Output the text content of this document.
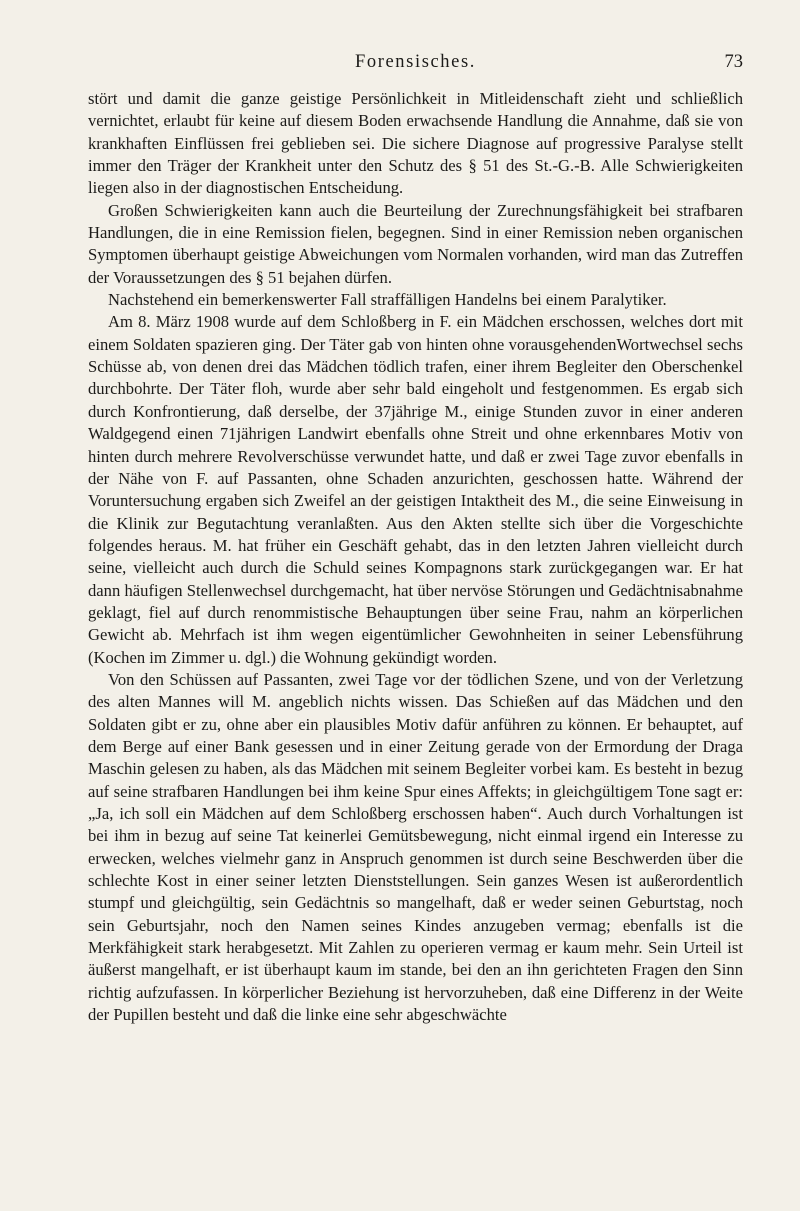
Forensisches.	73

stört und damit die ganze geistige Persönlichkeit in Mitleidenschaft zieht und schließlich vernichtet, erlaubt für keine auf diesem Boden erwachsende Handlung die Annahme, daß sie von krankhaften Einflüssen frei geblieben sei. Die sichere Diagnose auf progressive Paralyse stellt immer den Träger der Krankheit unter den Schutz des § 51 des St.-G.-B. Alle Schwierigkeiten liegen also in der diagnostischen Entscheidung.

Großen Schwierigkeiten kann auch die Beurteilung der Zurechnungsfähigkeit bei strafbaren Handlungen, die in eine Remission fielen, begegnen. Sind in einer Remission neben organischen Symptomen überhaupt geistige Abweichungen vom Normalen vorhanden, wird man das Zutreffen der Voraussetzungen des § 51 bejahen dürfen.

Nachstehend ein bemerkenswerter Fall straffälligen Handelns bei einem Paralytiker.

Am 8. März 1908 wurde auf dem Schloßberg in F. ein Mädchen erschossen, welches dort mit einem Soldaten spazieren ging. Der Täter gab von hinten ohne vorausgehendenWortwechsel sechs Schüsse ab, von denen drei das Mädchen tödlich trafen, einer ihrem Begleiter den Oberschenkel durchbohrte. Der Täter floh, wurde aber sehr bald eingeholt und festgenommen. Es ergab sich durch Konfrontierung, daß derselbe, der 37jährige M., einige Stunden zuvor in einer anderen Waldgegend einen 71jährigen Landwirt ebenfalls ohne Streit und ohne erkennbares Motiv von hinten durch mehrere Revolverschüsse verwundet hatte, und daß er zwei Tage zuvor ebenfalls in der Nähe von F. auf Passanten, ohne Schaden anzurichten, geschossen hatte. Während der Voruntersuchung ergaben sich Zweifel an der geistigen Intaktheit des M., die seine Einweisung in die Klinik zur Begutachtung veranlaßten. Aus den Akten stellte sich über die Vorgeschichte folgendes heraus. M. hat früher ein Geschäft gehabt, das in den letzten Jahren vielleicht durch seine, vielleicht auch durch die Schuld seines Kompagnons stark zurückgegangen war. Er hat dann häufigen Stellenwechsel durchgemacht, hat über nervöse Störungen und Gedächtnisabnahme geklagt, fiel auf durch renommistische Behauptungen über seine Frau, nahm an körperlichen Gewicht ab. Mehrfach ist ihm wegen eigentümlicher Gewohnheiten in seiner Lebensführung (Kochen im Zimmer u. dgl.) die Wohnung gekündigt worden.

Von den Schüssen auf Passanten, zwei Tage vor der tödlichen Szene, und von der Verletzung des alten Mannes will M. angeblich nichts wissen. Das Schießen auf das Mädchen und den Soldaten gibt er zu, ohne aber ein plausibles Motiv dafür anführen zu können. Er behauptet, auf dem Berge auf einer Bank gesessen und in einer Zeitung gerade von der Ermordung der Draga Maschin gelesen zu haben, als das Mädchen mit seinem Begleiter vorbei kam. Es besteht in bezug auf seine strafbaren Handlungen bei ihm keine Spur eines Affekts; in gleichgültigem Tone sagt er: „Ja, ich soll ein Mädchen auf dem Schloßberg erschossen haben“. Auch durch Vorhaltungen ist bei ihm in bezug auf seine Tat keinerlei Gemütsbewegung, nicht einmal irgend ein Interesse zu erwecken, welches vielmehr ganz in Anspruch genommen ist durch seine Beschwerden über die schlechte Kost in einer seiner letzten Dienststellungen. Sein ganzes Wesen ist außerordentlich stumpf und gleichgültig, sein Gedächtnis so mangelhaft, daß er weder seinen Geburtstag, noch sein Geburtsjahr, noch den Namen seines Kindes anzugeben vermag; ebenfalls ist die Merkfähigkeit stark herabgesetzt. Mit Zahlen zu operieren vermag er kaum mehr. Sein Urteil ist äußerst mangelhaft, er ist überhaupt kaum im stande, bei den an ihn gerichteten Fragen den Sinn richtig aufzufassen. In körperlicher Beziehung ist hervorzuheben, daß eine Differenz in der Weite der Pupillen besteht und daß die linke eine sehr abgeschwächte
